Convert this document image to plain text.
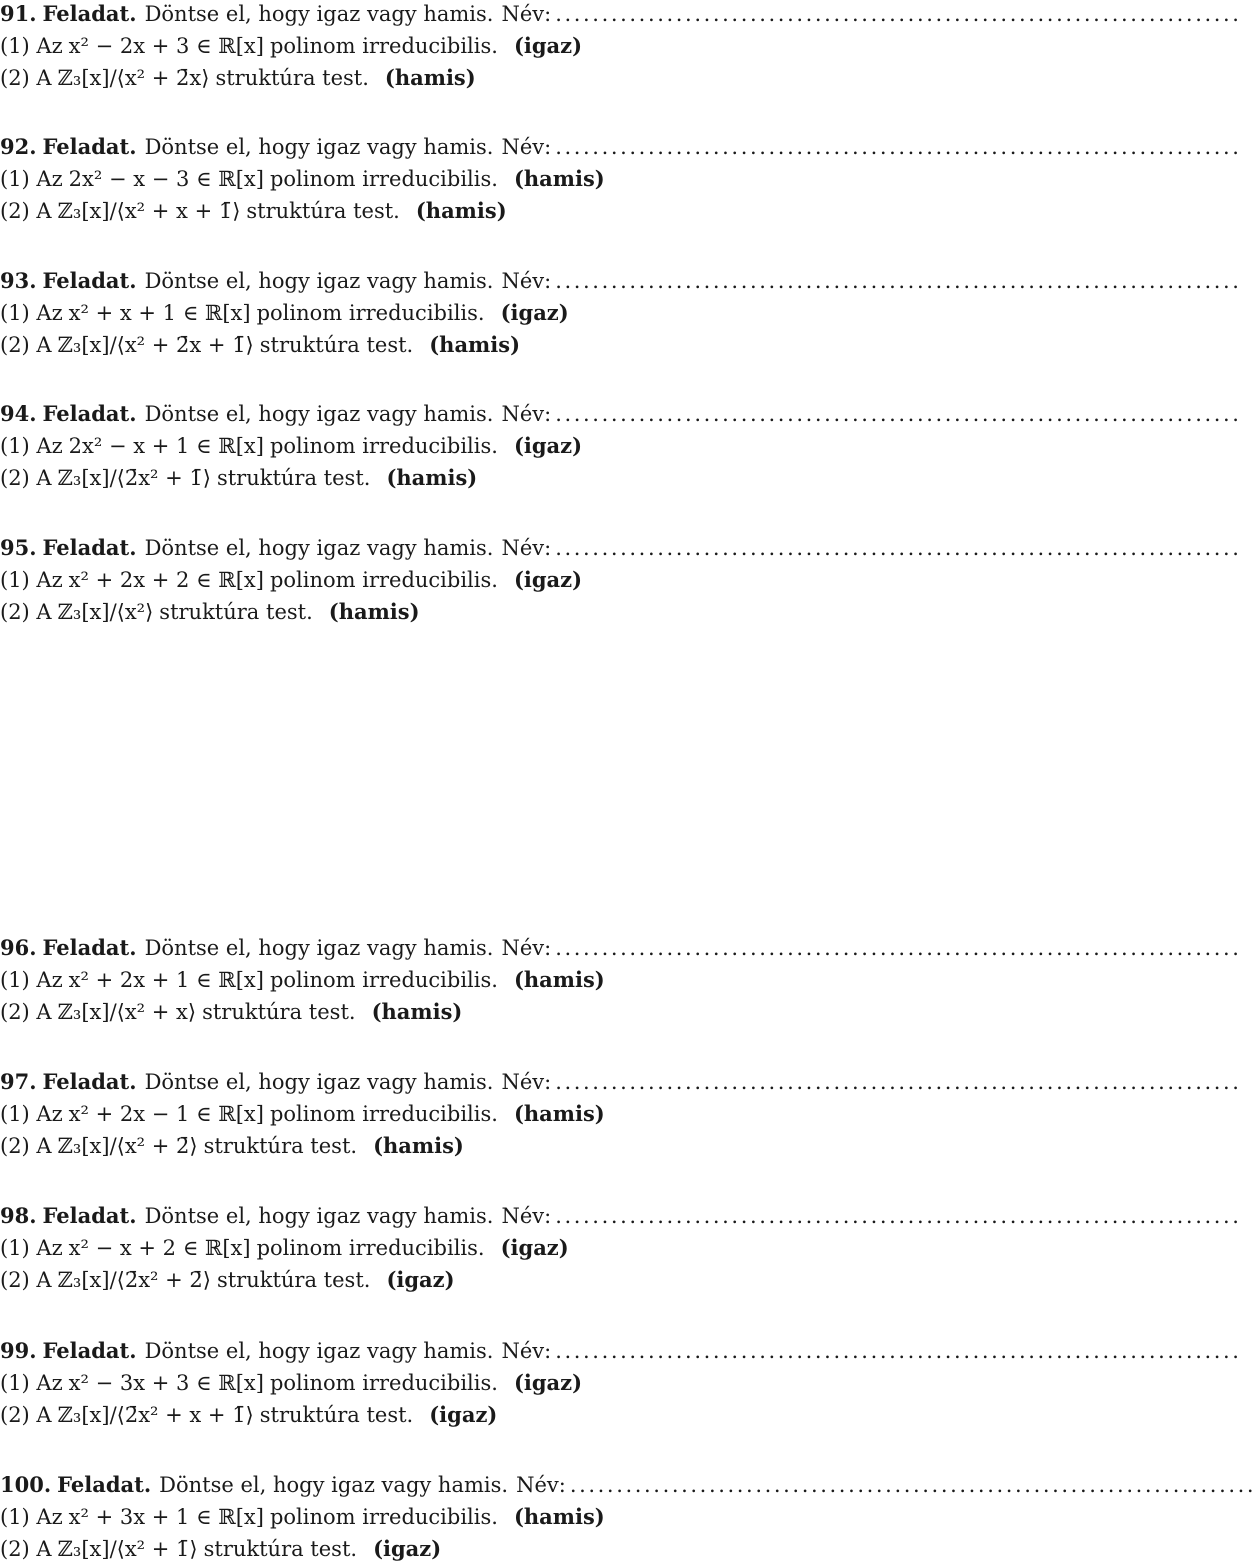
91. Feladat. Döntse el, hogy igaz vagy hamis. Név: ..........................................................................
(1) Az x² − 2x + 3 ∈ ℝ[x] polinom irreducibilis. (igaz)
(2) A ℤ₃[x]/⟨x² + 2̄x⟩ struktúra test. (hamis)
92. Feladat. Döntse el, hogy igaz vagy hamis. Név: ..........................................................................
(1) Az 2x² − x − 3 ∈ ℝ[x] polinom irreducibilis. (hamis)
(2) A ℤ₃[x]/⟨x² + x + 1̄⟩ struktúra test. (hamis)
93. Feladat. Döntse el, hogy igaz vagy hamis. Név: ..........................................................................
(1) Az x² + x + 1 ∈ ℝ[x] polinom irreducibilis. (igaz)
(2) A ℤ₃[x]/⟨x² + 2̄x + 1̄⟩ struktúra test. (hamis)
94. Feladat. Döntse el, hogy igaz vagy hamis. Név: ..........................................................................
(1) Az 2x² − x + 1 ∈ ℝ[x] polinom irreducibilis. (igaz)
(2) A ℤ₃[x]/⟨2̄x² + 1̄⟩ struktúra test. (hamis)
95. Feladat. Döntse el, hogy igaz vagy hamis. Név: ..........................................................................
(1) Az x² + 2x + 2 ∈ ℝ[x] polinom irreducibilis. (igaz)
(2) A ℤ₃[x]/⟨x²⟩ struktúra test. (hamis)
96. Feladat. Döntse el, hogy igaz vagy hamis. Név: ..........................................................................
(1) Az x² + 2x + 1 ∈ ℝ[x] polinom irreducibilis. (hamis)
(2) A ℤ₃[x]/⟨x² + x⟩ struktúra test. (hamis)
97. Feladat. Döntse el, hogy igaz vagy hamis. Név: ..........................................................................
(1) Az x² + 2x − 1 ∈ ℝ[x] polinom irreducibilis. (hamis)
(2) A ℤ₃[x]/⟨x² + 2̄⟩ struktúra test. (hamis)
98. Feladat. Döntse el, hogy igaz vagy hamis. Név: ..........................................................................
(1) Az x² − x + 2 ∈ ℝ[x] polinom irreducibilis. (igaz)
(2) A ℤ₃[x]/⟨2̄x² + 2̄⟩ struktúra test. (igaz)
99. Feladat. Döntse el, hogy igaz vagy hamis. Név: ..........................................................................
(1) Az x² − 3x + 3 ∈ ℝ[x] polinom irreducibilis. (igaz)
(2) A ℤ₃[x]/⟨2̄x² + x + 1̄⟩ struktúra test. (igaz)
100. Feladat. Döntse el, hogy igaz vagy hamis. Név: ..........................................................................
(1) Az x² + 3x + 1 ∈ ℝ[x] polinom irreducibilis. (hamis)
(2) A ℤ₃[x]/⟨x² + 1̄⟩ struktúra test. (igaz)
